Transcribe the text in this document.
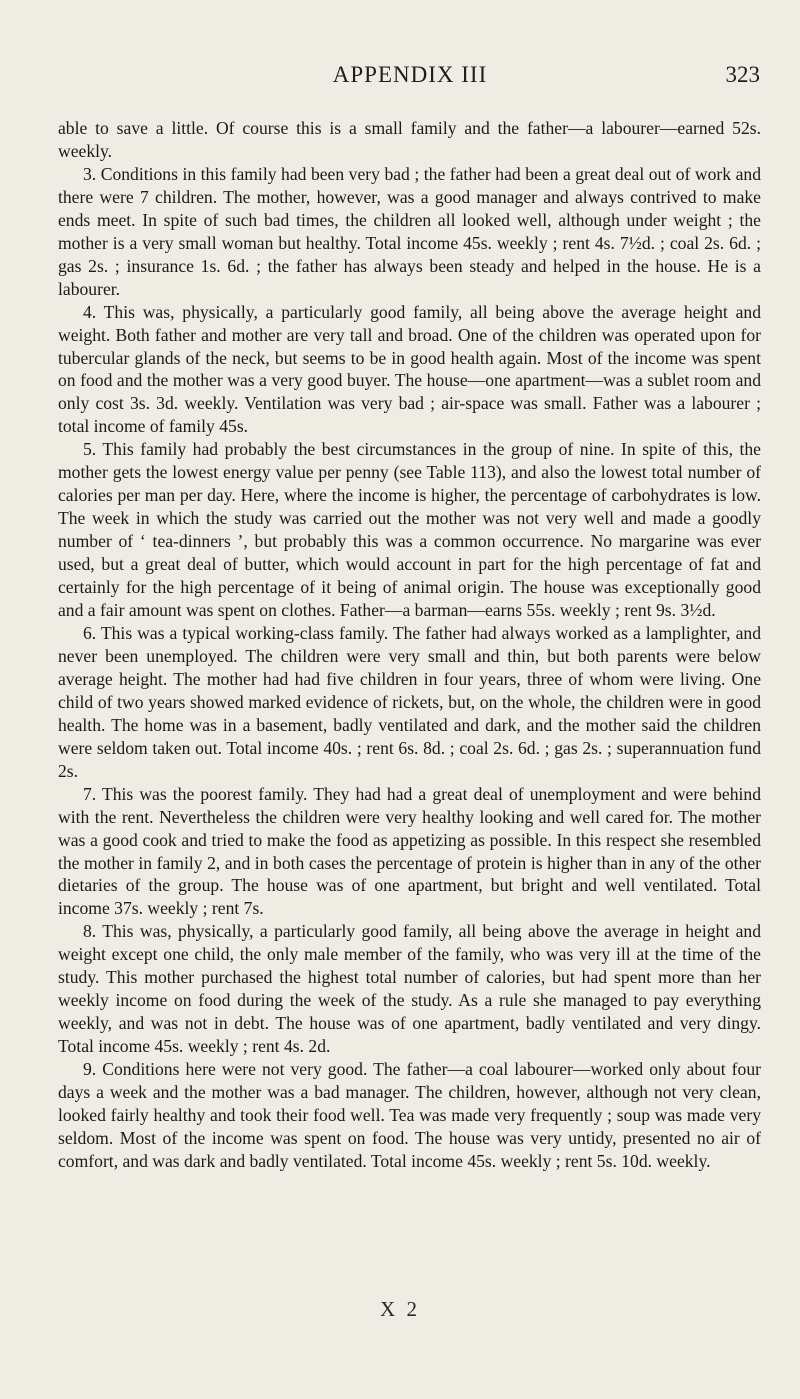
APPENDIX III	323

able to save a little. Of course this is a small family and the father—a labourer—earned 52s. weekly.

3. Conditions in this family had been very bad ; the father had been a great deal out of work and there were 7 children. The mother, however, was a good manager and always contrived to make ends meet. In spite of such bad times, the children all looked well, although under weight ; the mother is a very small woman but healthy. Total income 45s. weekly ; rent 4s. 7½d. ; coal 2s. 6d. ; gas 2s. ; insurance 1s. 6d. ; the father has always been steady and helped in the house. He is a labourer.

4. This was, physically, a particularly good family, all being above the average height and weight. Both father and mother are very tall and broad. One of the children was operated upon for tubercular glands of the neck, but seems to be in good health again. Most of the income was spent on food and the mother was a very good buyer. The house—one apartment—was a sublet room and only cost 3s. 3d. weekly. Ventilation was very bad ; air-space was small. Father was a labourer ; total income of family 45s.

5. This family had probably the best circumstances in the group of nine. In spite of this, the mother gets the lowest energy value per penny (see Table 113), and also the lowest total number of calories per man per day. Here, where the income is higher, the percentage of carbohydrates is low. The week in which the study was carried out the mother was not very well and made a goodly number of ‘ tea-dinners ’, but probably this was a common occurrence. No margarine was ever used, but a great deal of butter, which would account in part for the high percentage of fat and certainly for the high percentage of it being of animal origin. The house was exceptionally good and a fair amount was spent on clothes. Father—a barman—earns 55s. weekly ; rent 9s. 3½d.

6. This was a typical working-class family. The father had always worked as a lamplighter, and never been unemployed. The children were very small and thin, but both parents were below average height. The mother had had five children in four years, three of whom were living. One child of two years showed marked evidence of rickets, but, on the whole, the children were in good health. The home was in a basement, badly ventilated and dark, and the mother said the children were seldom taken out. Total income 40s. ; rent 6s. 8d. ; coal 2s. 6d. ; gas 2s. ; superannuation fund 2s.

7. This was the poorest family. They had had a great deal of unemployment and were behind with the rent. Nevertheless the children were very healthy looking and well cared for. The mother was a good cook and tried to make the food as appetizing as possible. In this respect she resembled the mother in family 2, and in both cases the percentage of protein is higher than in any of the other dietaries of the group. The house was of one apartment, but bright and well ventilated. Total income 37s. weekly ; rent 7s.

8. This was, physically, a particularly good family, all being above the average in height and weight except one child, the only male member of the family, who was very ill at the time of the study. This mother purchased the highest total number of calories, but had spent more than her weekly income on food during the week of the study. As a rule she managed to pay everything weekly, and was not in debt. The house was of one apartment, badly ventilated and very dingy. Total income 45s. weekly ; rent 4s. 2d.

9. Conditions here were not very good. The father—a coal labourer—worked only about four days a week and the mother was a bad manager. The children, however, although not very clean, looked fairly healthy and took their food well. Tea was made very frequently ; soup was made very seldom. Most of the income was spent on food. The house was very untidy, presented no air of comfort, and was dark and badly ventilated. Total income 45s. weekly ; rent 5s. 10d. weekly.

X 2
